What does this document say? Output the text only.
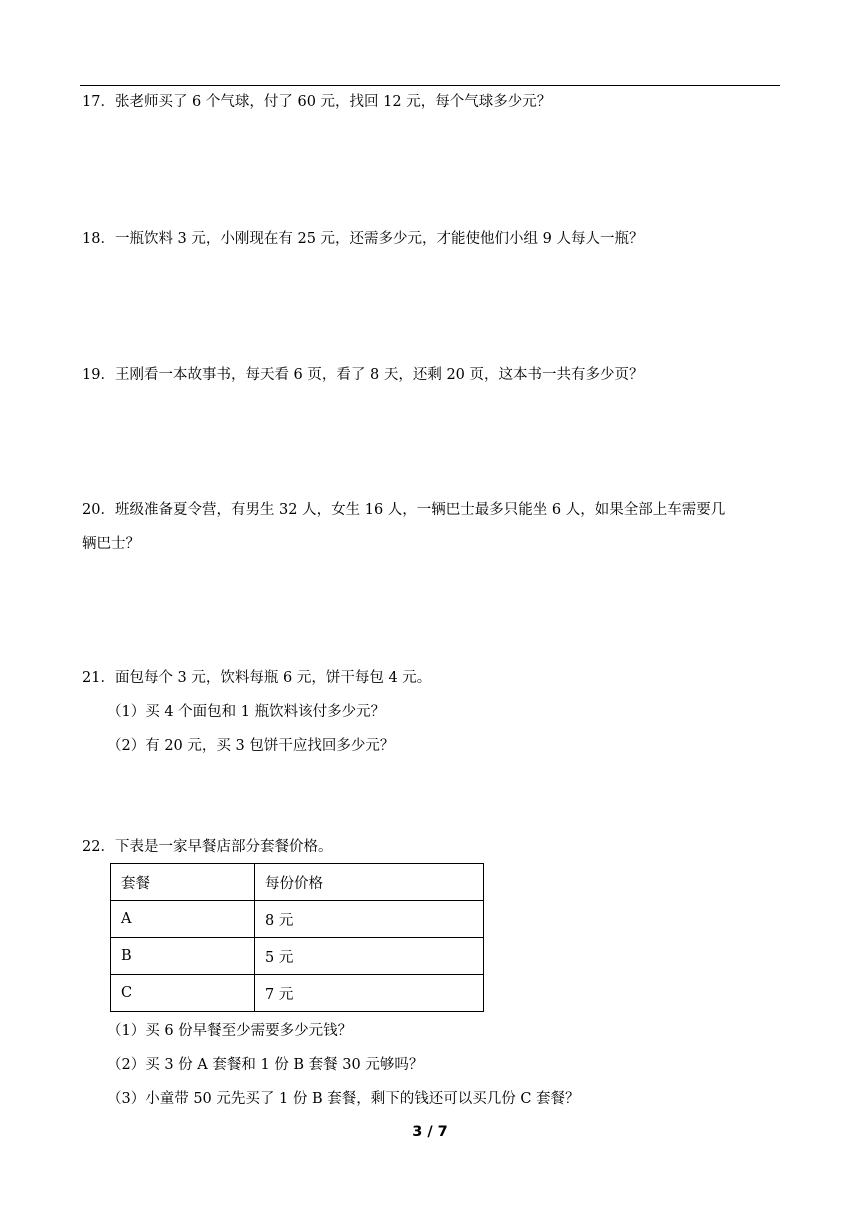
17．张老师买了 6 个气球，付了 60 元，找回 12 元，每个气球多少元？
18．一瓶饮料 3 元，小刚现在有 25 元，还需多少元，才能使他们小组 9 人每人一瓶？
19．王刚看一本故事书，每天看 6 页，看了 8 天，还剩 20 页，这本书一共有多少页？
20．班级准备夏令营，有男生 32 人，女生 16 人，一辆巴士最多只能坐 6 人，如果全部上车需要几
辆巴士？
21．面包每个 3 元，饮料每瓶 6 元，饼干每包 4 元。
（1）买 4 个面包和 1 瓶饮料该付多少元？
（2）有 20 元，买 3 包饼干应找回多少元？
22．下表是一家早餐店部分套餐价格。
套餐	每份价格
A	8 元
B	5 元
C	7 元
（1）买 6 份早餐至少需要多少元钱？
（2）买 3 份 A 套餐和 1 份 B 套餐 30 元够吗？
（3）小童带 50 元先买了 1 份 B 套餐，剩下的钱还可以买几份 C 套餐？
3 / 7
